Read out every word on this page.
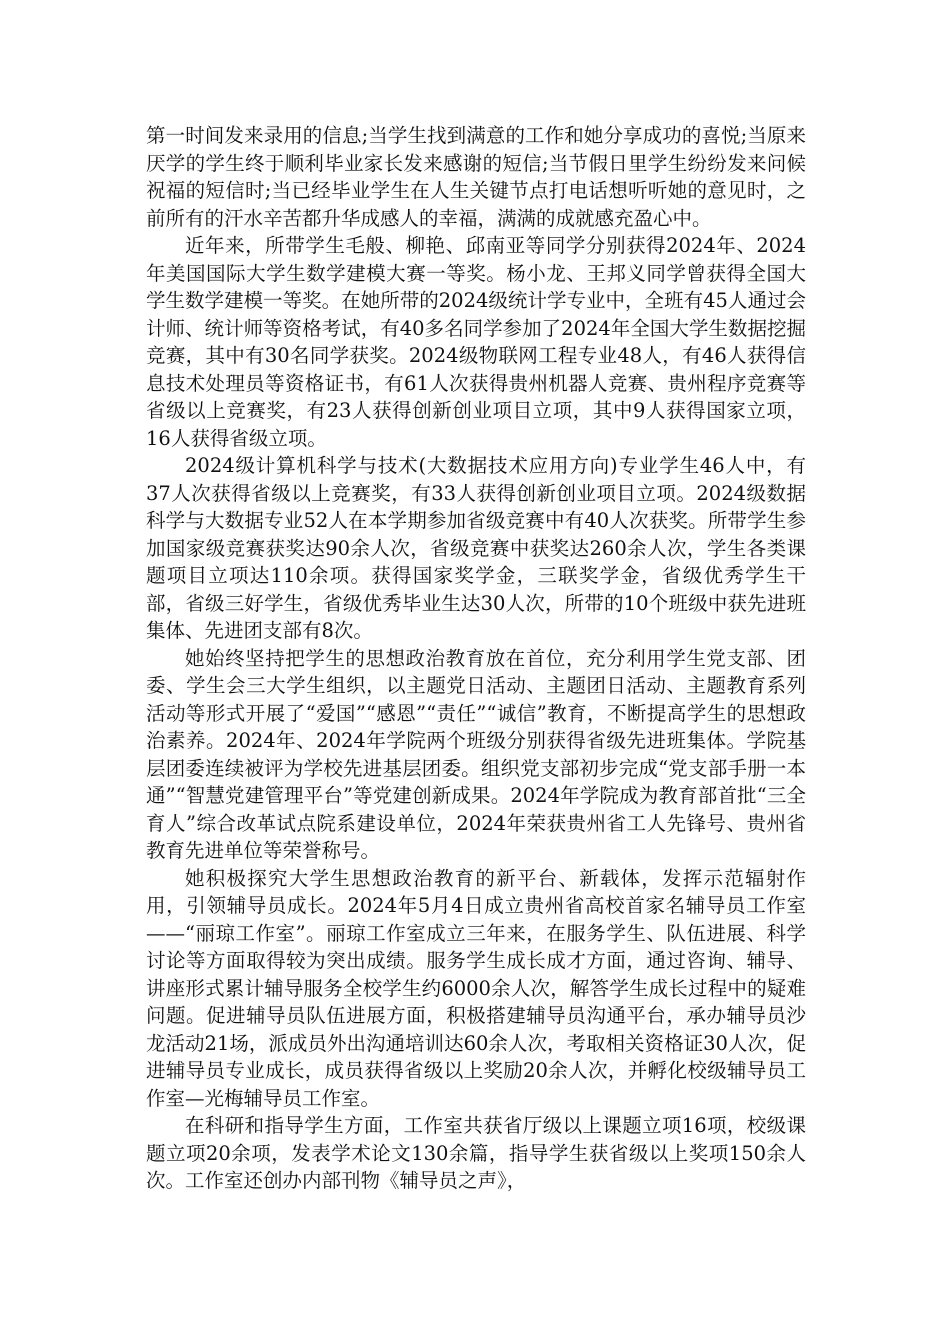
第一时间发来录用的信息;当学生找到满意的工作和她分享成功的喜悦;当原来厌学的学生终于顺利毕业家长发来感谢的短信;当节假日里学生纷纷发来问候祝福的短信时;当已经毕业学生在人生关键节点打电话想听听她的意见时，之前所有的汗水辛苦都升华成感人的幸福，满满的成就感充盈心中。

近年来，所带学生毛般、柳艳、邱南亚等同学分别获得2024年、2024年美国国际大学生数学建模大赛一等奖。杨小龙、王邦义同学曾获得全国大学生数学建模一等奖。在她所带的2024级统计学专业中，全班有45人通过会计师、统计师等资格考试，有40多名同学参加了2024年全国大学生数据挖掘竞赛，其中有30名同学获奖。2024级物联网工程专业48人，有46人获得信息技术处理员等资格证书，有61人次获得贵州机器人竞赛、贵州程序竞赛等省级以上竞赛奖，有23人获得创新创业项目立项，其中9人获得国家立项，16人获得省级立项。

2024级计算机科学与技术(大数据技术应用方向)专业学生46人中，有37人次获得省级以上竞赛奖，有33人获得创新创业项目立项。2024级数据科学与大数据专业52人在本学期参加省级竞赛中有40人次获奖。所带学生参加国家级竞赛获奖达90余人次，省级竞赛中获奖达260余人次，学生各类课题项目立项达110余项。获得国家奖学金，三联奖学金，省级优秀学生干部，省级三好学生，省级优秀毕业生达30人次，所带的10个班级中获先进班集体、先进团支部有8次。

她始终坚持把学生的思想政治教育放在首位，充分利用学生党支部、团委、学生会三大学生组织，以主题党日活动、主题团日活动、主题教育系列活动等形式开展了“爱国”“感恩”“责任”“诚信”教育，不断提高学生的思想政治素养。2024年、2024年学院两个班级分别获得省级先进班集体。学院基层团委连续被评为学校先进基层团委。组织党支部初步完成“党支部手册一本通”“智慧党建管理平台”等党建创新成果。2024年学院成为教育部首批“三全育人”综合改革试点院系建设单位，2024年荣获贵州省工人先锋号、贵州省教育先进单位等荣誉称号。

她积极探究大学生思想政治教育的新平台、新载体，发挥示范辐射作用，引领辅导员成长。2024年5月4日成立贵州省高校首家名辅导员工作室——“丽琼工作室”。丽琼工作室成立三年来，在服务学生、队伍进展、科学讨论等方面取得较为突出成绩。服务学生成长成才方面，通过咨询、辅导、讲座形式累计辅导服务全校学生约6000余人次，解答学生成长过程中的疑难问题。促进辅导员队伍进展方面，积极搭建辅导员沟通平台，承办辅导员沙龙活动21场，派成员外出沟通培训达60余人次，考取相关资格证30人次，促进辅导员专业成长，成员获得省级以上奖励20余人次，并孵化校级辅导员工作室—光梅辅导员工作室。

在科研和指导学生方面，工作室共获省厅级以上课题立项16项，校级课题立项20余项，发表学术论文130余篇，指导学生获省级以上奖项150余人次。工作室还创办内部刊物《辅导员之声》，
